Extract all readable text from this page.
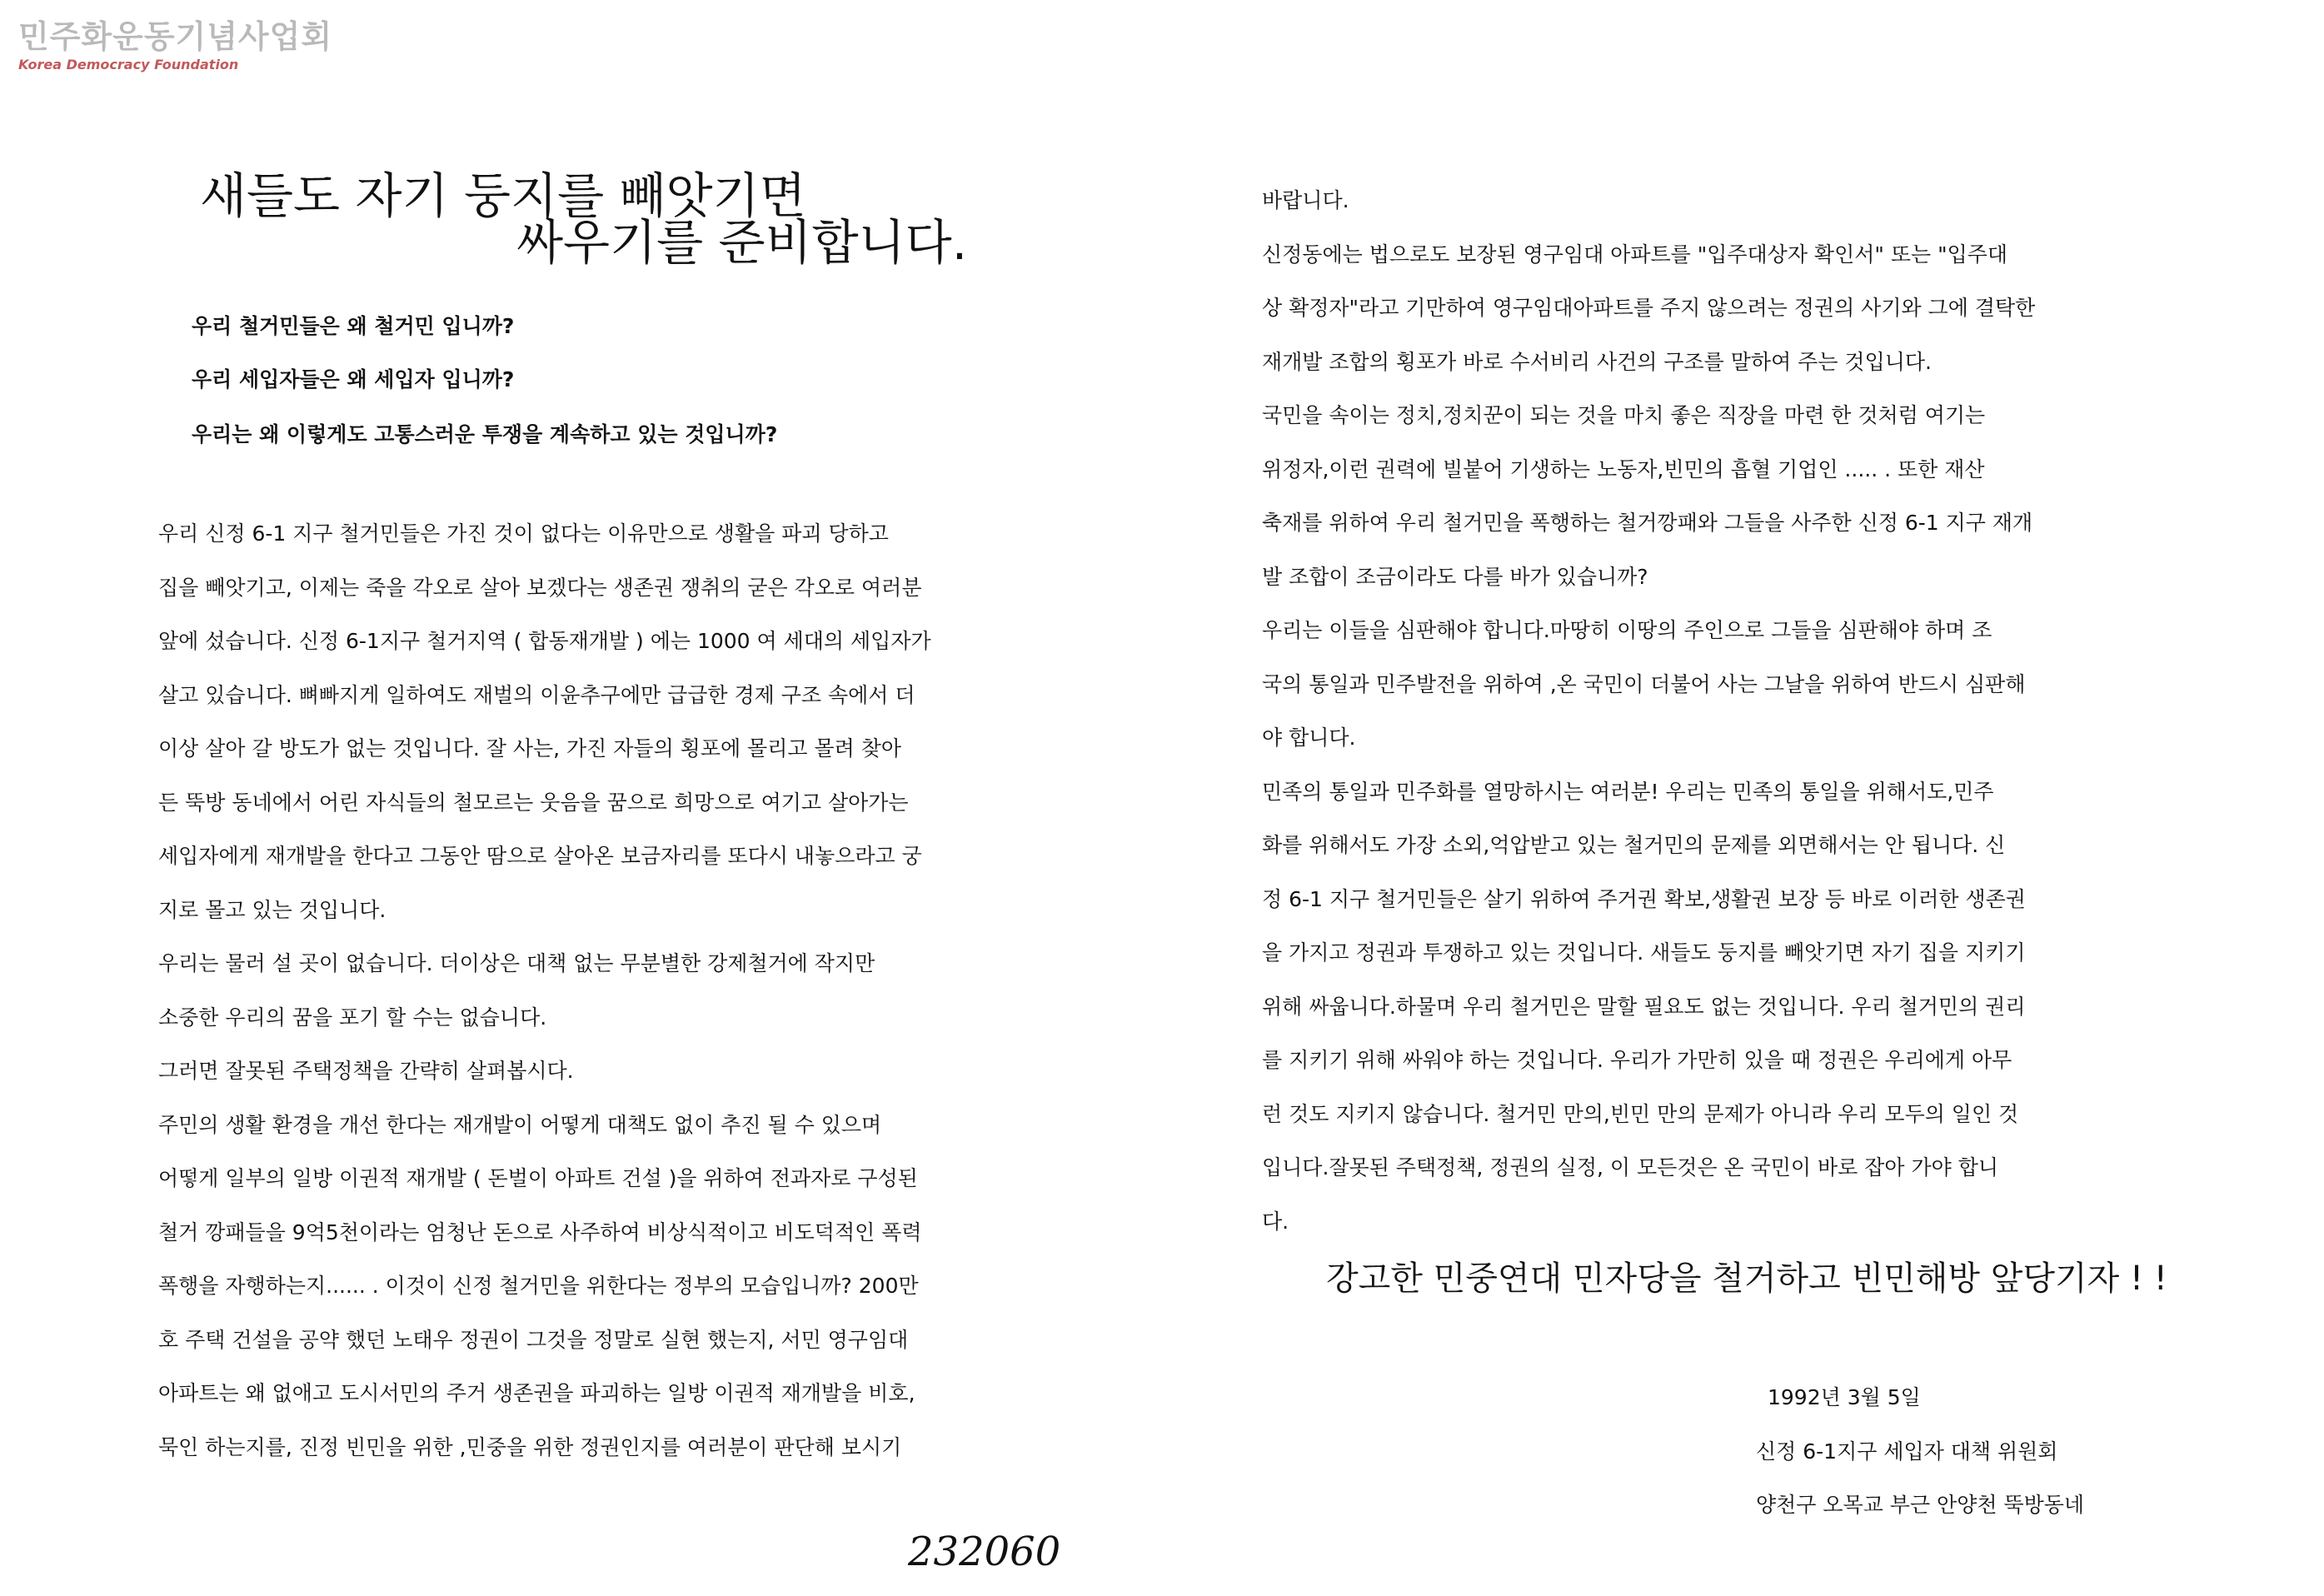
민주화운동기념사업회
Korea Democracy Foundation
새들도 자기 둥지를 빼앗기면
싸우기를 준비합니다.
우리 철거민들은 왜 철거민 입니까?
우리 세입자들은 왜 세입자 입니까?
우리는 왜 이렇게도 고통스러운 투쟁을 계속하고 있는 것입니까?
우리 신정 6-1 지구 철거민들은 가진 것이 없다는 이유만으로 생활을 파괴 당하고
집을 빼앗기고, 이제는 죽을 각오로 살아 보겠다는 생존권 쟁취의 굳은 각오로 여러분
앞에 섰습니다. 신정 6-1지구 철거지역 ( 합동재개발 ) 에는 1000 여 세대의 세입자가
살고 있습니다. 뼈빠지게 일하여도 재벌의 이윤추구에만 급급한 경제 구조 속에서 더
이상 살아 갈 방도가 없는 것입니다. 잘 사는, 가진 자들의 횡포에 몰리고 몰려 찾아
든 뚝방 동네에서 어린 자식들의 철모르는 웃음을 꿈으로 희망으로 여기고 살아가는
세입자에게 재개발을 한다고 그동안 땀으로 살아온 보금자리를 또다시 내놓으라고 궁
지로 몰고 있는 것입니다.
우리는 물러 설 곳이 없습니다. 더이상은 대책 없는 무분별한 강제철거에 작지만
소중한 우리의 꿈을 포기 할 수는 없습니다.
그러면 잘못된 주택정책을 간략히 살펴봅시다.
주민의 생활 환경을 개선 한다는 재개발이 어떻게 대책도 없이 추진 될 수 있으며
어떻게 일부의 일방 이권적 재개발 ( 돈벌이 아파트 건설 )을 위하여 전과자로 구성된
철거 깡패들을 9억5천이라는 엄청난 돈으로 사주하여 비상식적이고 비도덕적인 폭력
폭행을 자행하는지...... . 이것이 신정 철거민을 위한다는 정부의 모습입니까? 200만
호 주택 건설을 공약 했던 노태우 정권이 그것을 정말로 실현 했는지, 서민 영구임대
아파트는 왜 없애고 도시서민의 주거 생존권을 파괴하는 일방 이권적 재개발을 비호,
묵인 하는지를, 진정 빈민을 위한 ,민중을 위한 정권인지를 여러분이 판단해 보시기
바랍니다.
신정동에는 법으로도 보장된 영구임대 아파트를 "입주대상자 확인서" 또는 "입주대
상 확정자"라고 기만하여 영구임대아파트를 주지 않으려는 정권의 사기와 그에 결탁한
재개발 조합의 횡포가 바로 수서비리 사건의 구조를 말하여 주는 것입니다.
국민을 속이는 정치,정치꾼이 되는 것을 마치 좋은 직장을 마련 한 것처럼 여기는
위정자,이런 권력에 빌붙어 기생하는 노동자,빈민의 흡혈 기업인 ..... . 또한 재산
축재를 위하여 우리 철거민을 폭행하는 철거깡패와 그들을 사주한 신정 6-1 지구 재개
발 조합이 조금이라도 다를 바가 있습니까?
우리는 이들을 심판해야 합니다.마땅히 이땅의 주인으로 그들을 심판해야 하며 조
국의 통일과 민주발전을 위하여 ,온 국민이 더불어 사는 그날을 위하여 반드시 심판해
야 합니다.
민족의 통일과 민주화를 열망하시는 여러분! 우리는 민족의 통일을 위해서도,민주
화를 위해서도 가장 소외,억압받고 있는 철거민의 문제를 외면해서는 안 됩니다. 신
정 6-1 지구 철거민들은 살기 위하여 주거권 확보,생활권 보장 등 바로 이러한 생존권
을 가지고 정권과 투쟁하고 있는 것입니다. 새들도 둥지를 빼앗기면 자기 집을 지키기
위해 싸웁니다.하물며 우리 철거민은 말할 필요도 없는 것입니다. 우리 철거민의 권리
를 지키기 위해 싸워야 하는 것입니다. 우리가 가만히 있을 때 정권은 우리에게 아무
런 것도 지키지 않습니다. 철거민 만의,빈민 만의 문제가 아니라 우리 모두의 일인 것
입니다.잘못된 주택정책, 정권의 실정, 이 모든것은 온 국민이 바로 잡아 가야 합니
다.
강고한 민중연대 민자당을 철거하고 빈민해방 앞당기자 ! !
1992년 3월 5일
신정 6-1지구 세입자 대책 위원회
양천구 오목교 부근 안양천 뚝방동네
232060
